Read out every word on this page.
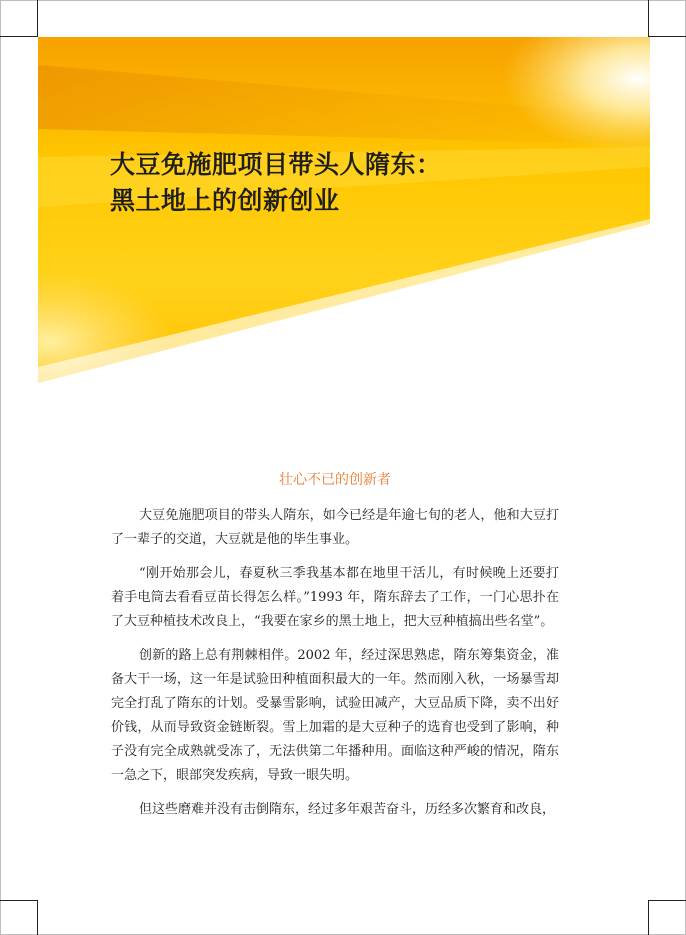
大豆免施肥项目带头人隋东：
黑土地上的创新创业
壮心不已的创新者

大豆免施肥项目的带头人隋东，如今已经是年逾七旬的老人，他和大豆打了一辈子的交道，大豆就是他的毕生事业。

“刚开始那会儿，春夏秋三季我基本都在地里干活儿，有时候晚上还要打着手电筒去看看豆苗长得怎么样。”1993 年，隋东辞去了工作，一门心思扑在了大豆种植技术改良上，“我要在家乡的黑土地上，把大豆种植搞出些名堂”。

创新的路上总有荆棘相伴。2002 年，经过深思熟虑，隋东筹集资金，准备大干一场，这一年是试验田种植面积最大的一年。然而刚入秋，一场暴雪却完全打乱了隋东的计划。受暴雪影响，试验田减产，大豆品质下降，卖不出好价钱，从而导致资金链断裂。雪上加霜的是大豆种子的选育也受到了影响，种子没有完全成熟就受冻了，无法供第二年播种用。面临这种严峻的情况，隋东一急之下，眼部突发疾病，导致一眼失明。

但这些磨难并没有击倒隋东，经过多年艰苦奋斗，历经多次繁育和改良，
